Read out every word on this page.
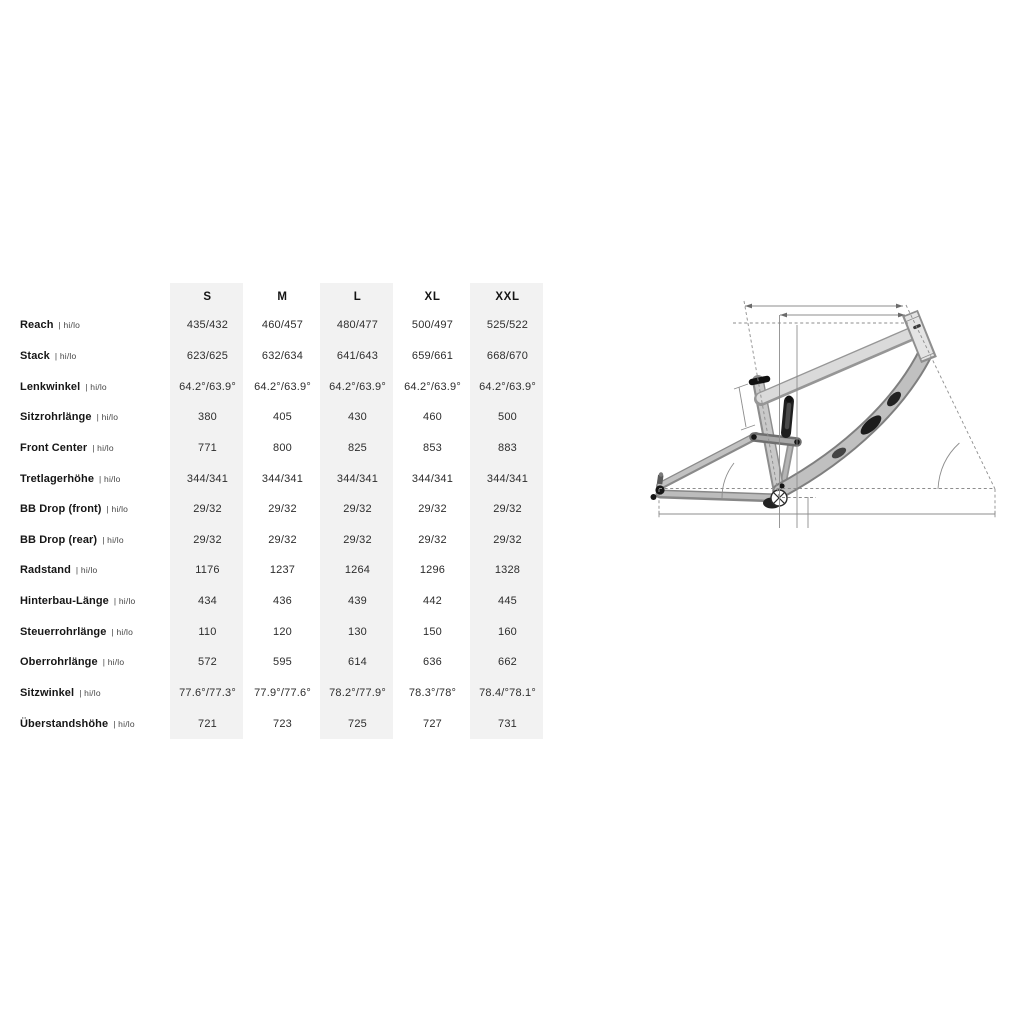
S	M	L	XL	XXL
Reach | hi/lo	435/432	460/457	480/477	500/497	525/522
Stack | hi/lo	623/625	632/634	641/643	659/661	668/670
Lenkwinkel | hi/lo	64.2°/63.9°	64.2°/63.9°	64.2°/63.9°	64.2°/63.9°	64.2°/63.9°
Sitzrohrlänge | hi/lo	380	405	430	460	500
Front Center | hi/lo	771	800	825	853	883
Tretlagerhöhe | hi/lo	344/341	344/341	344/341	344/341	344/341
BB Drop (front) | hi/lo	29/32	29/32	29/32	29/32	29/32
BB Drop (rear) | hi/lo	29/32	29/32	29/32	29/32	29/32
Radstand | hi/lo	1176	1237	1264	1296	1328
Hinterbau-Länge | hi/lo	434	436	439	442	445
Steuerrohrlänge | hi/lo	110	120	130	150	160
Oberrohrlänge | hi/lo	572	595	614	636	662
Sitzwinkel | hi/lo	77.6°/77.3°	77.9°/77.6°	78.2°/77.9°	78.3°/78°	78.4/°78.1°
Überstandshöhe | hi/lo	721	723	725	727	731
